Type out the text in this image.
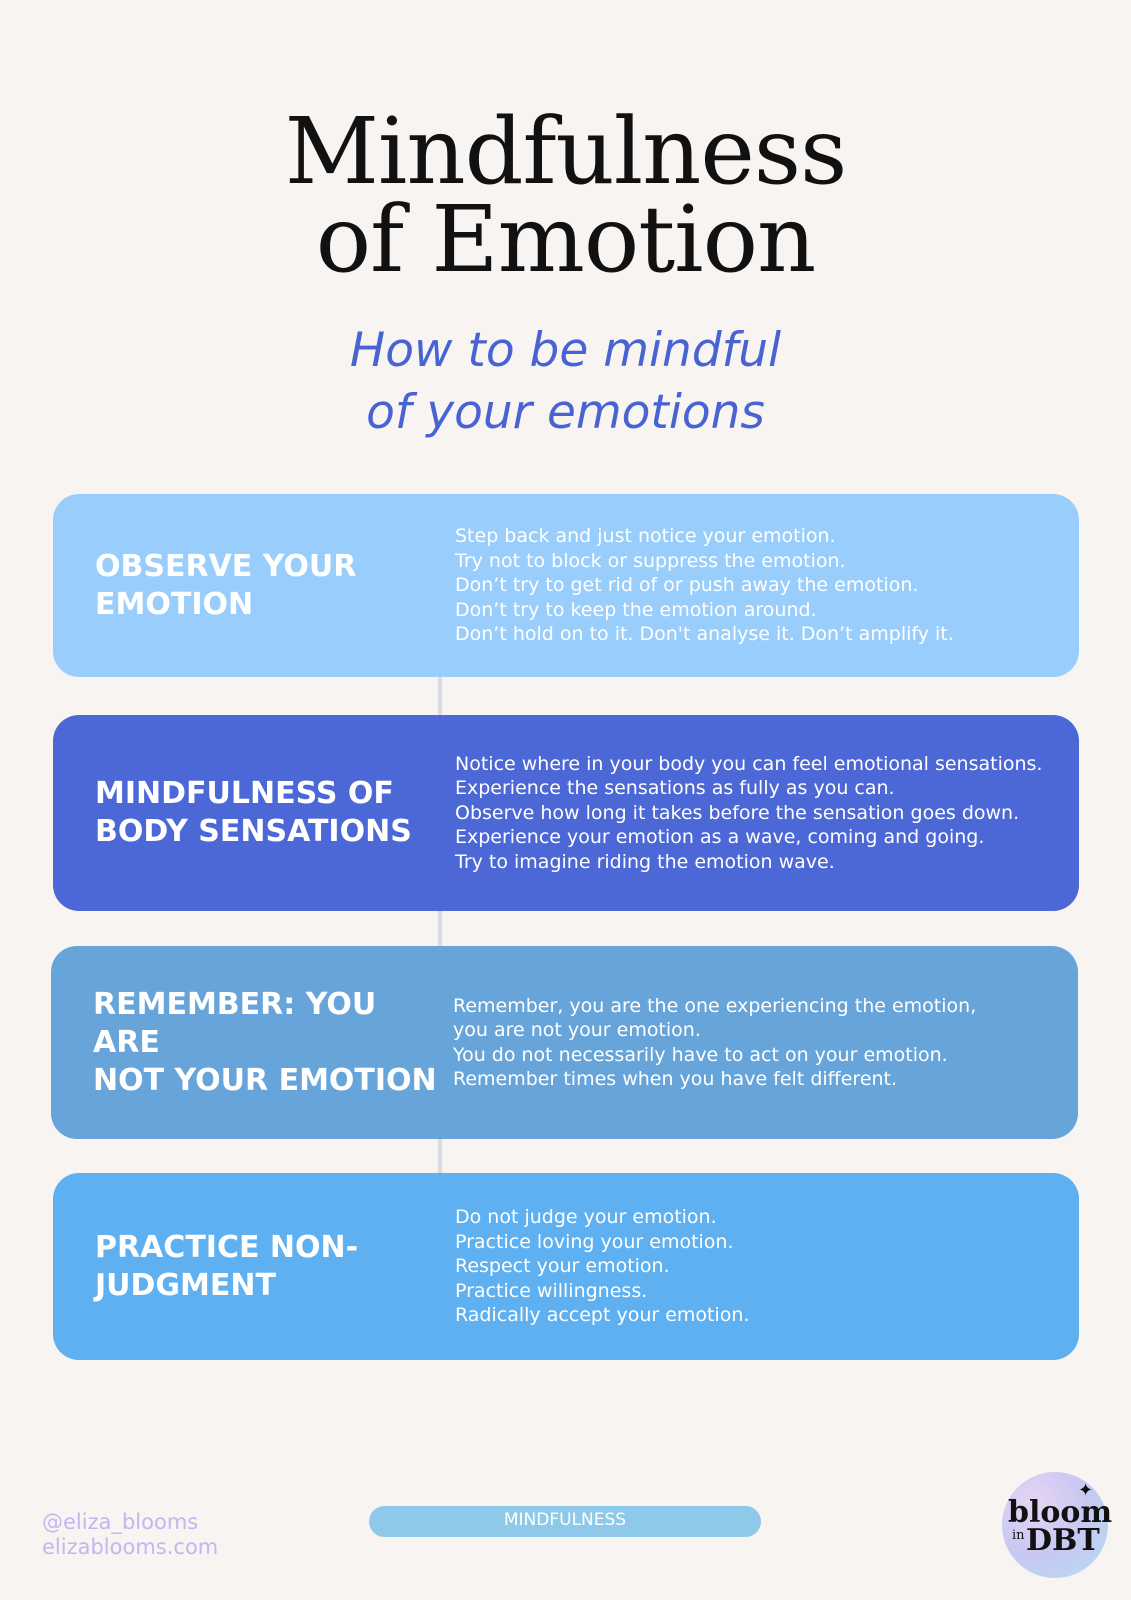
Mindfulness
of Emotion
How to be mindful
of your emotions
OBSERVE YOUR
EMOTION
Step back and just notice your emotion.
Try not to block or suppress the emotion.
Don’t try to get rid of or push away the emotion.
Don’t try to keep the emotion around.
Don’t hold on to it. Don't analyse it. Don’t amplify it.
MINDFULNESS OF
BODY SENSATIONS
Notice where in your body you can feel emotional sensations.
Experience the sensations as fully as you can.
Observe how long it takes before the sensation goes down.
Experience your emotion as a wave, coming and going.
Try to imagine riding the emotion wave.
REMEMBER: YOU ARE
NOT YOUR EMOTION
Remember, you are the one experiencing the emotion,
you are not your emotion.
You do not necessarily have to act on your emotion.
Remember times when you have felt different.
PRACTICE NON-
JUDGMENT
Do not judge your emotion.
Practice loving your emotion.
Respect your emotion.
Practice willingness.
Radically accept your emotion.
@eliza_blooms
elizablooms.com
MINDFULNESS
✦
bloom
in DBT
